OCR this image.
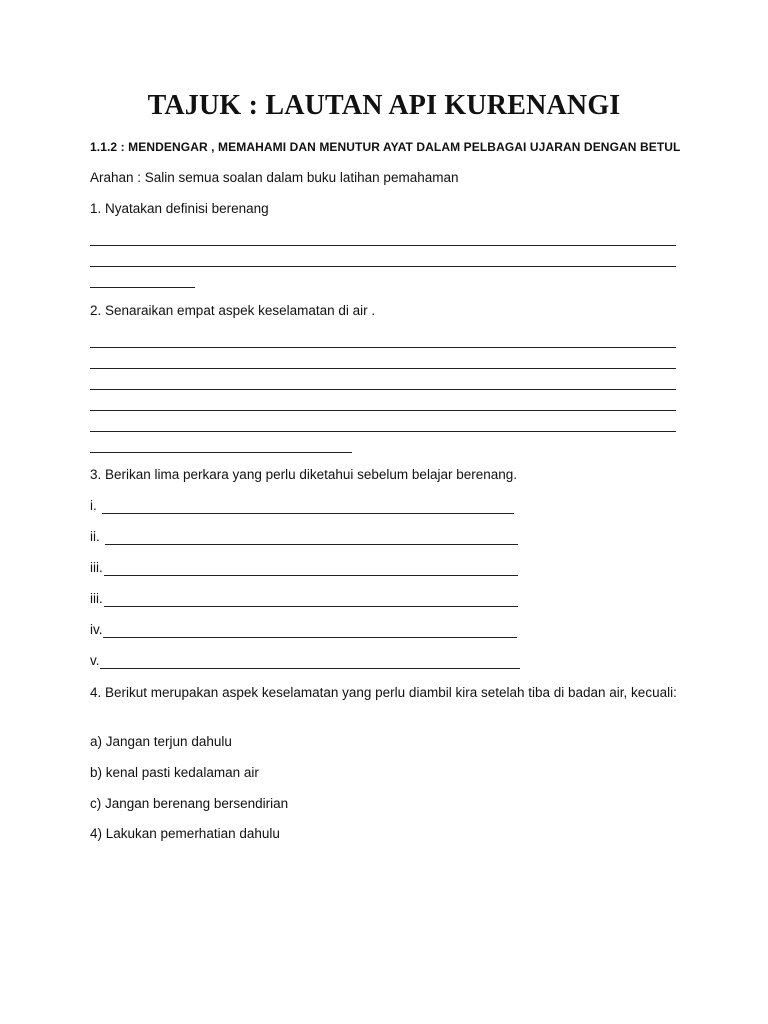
TAJUK : LAUTAN API KURENANGI
1.1.2 : MENDENGAR , MEMAHAMI DAN MENUTUR AYAT DALAM PELBAGAI UJARAN DENGAN BETUL
Arahan : Salin semua soalan dalam buku latihan pemahaman
1. Nyatakan definisi berenang
2. Senaraikan empat aspek keselamatan di air .
3. Berikan lima perkara yang perlu diketahui sebelum belajar berenang.
i.
ii.
iii.
iii.
iv.
v.
4. Berikut merupakan aspek keselamatan yang perlu diambil kira setelah tiba di badan air, kecuali:
a) Jangan terjun dahulu
b) kenal pasti kedalaman air
c) Jangan berenang bersendirian
4) Lakukan pemerhatian dahulu
